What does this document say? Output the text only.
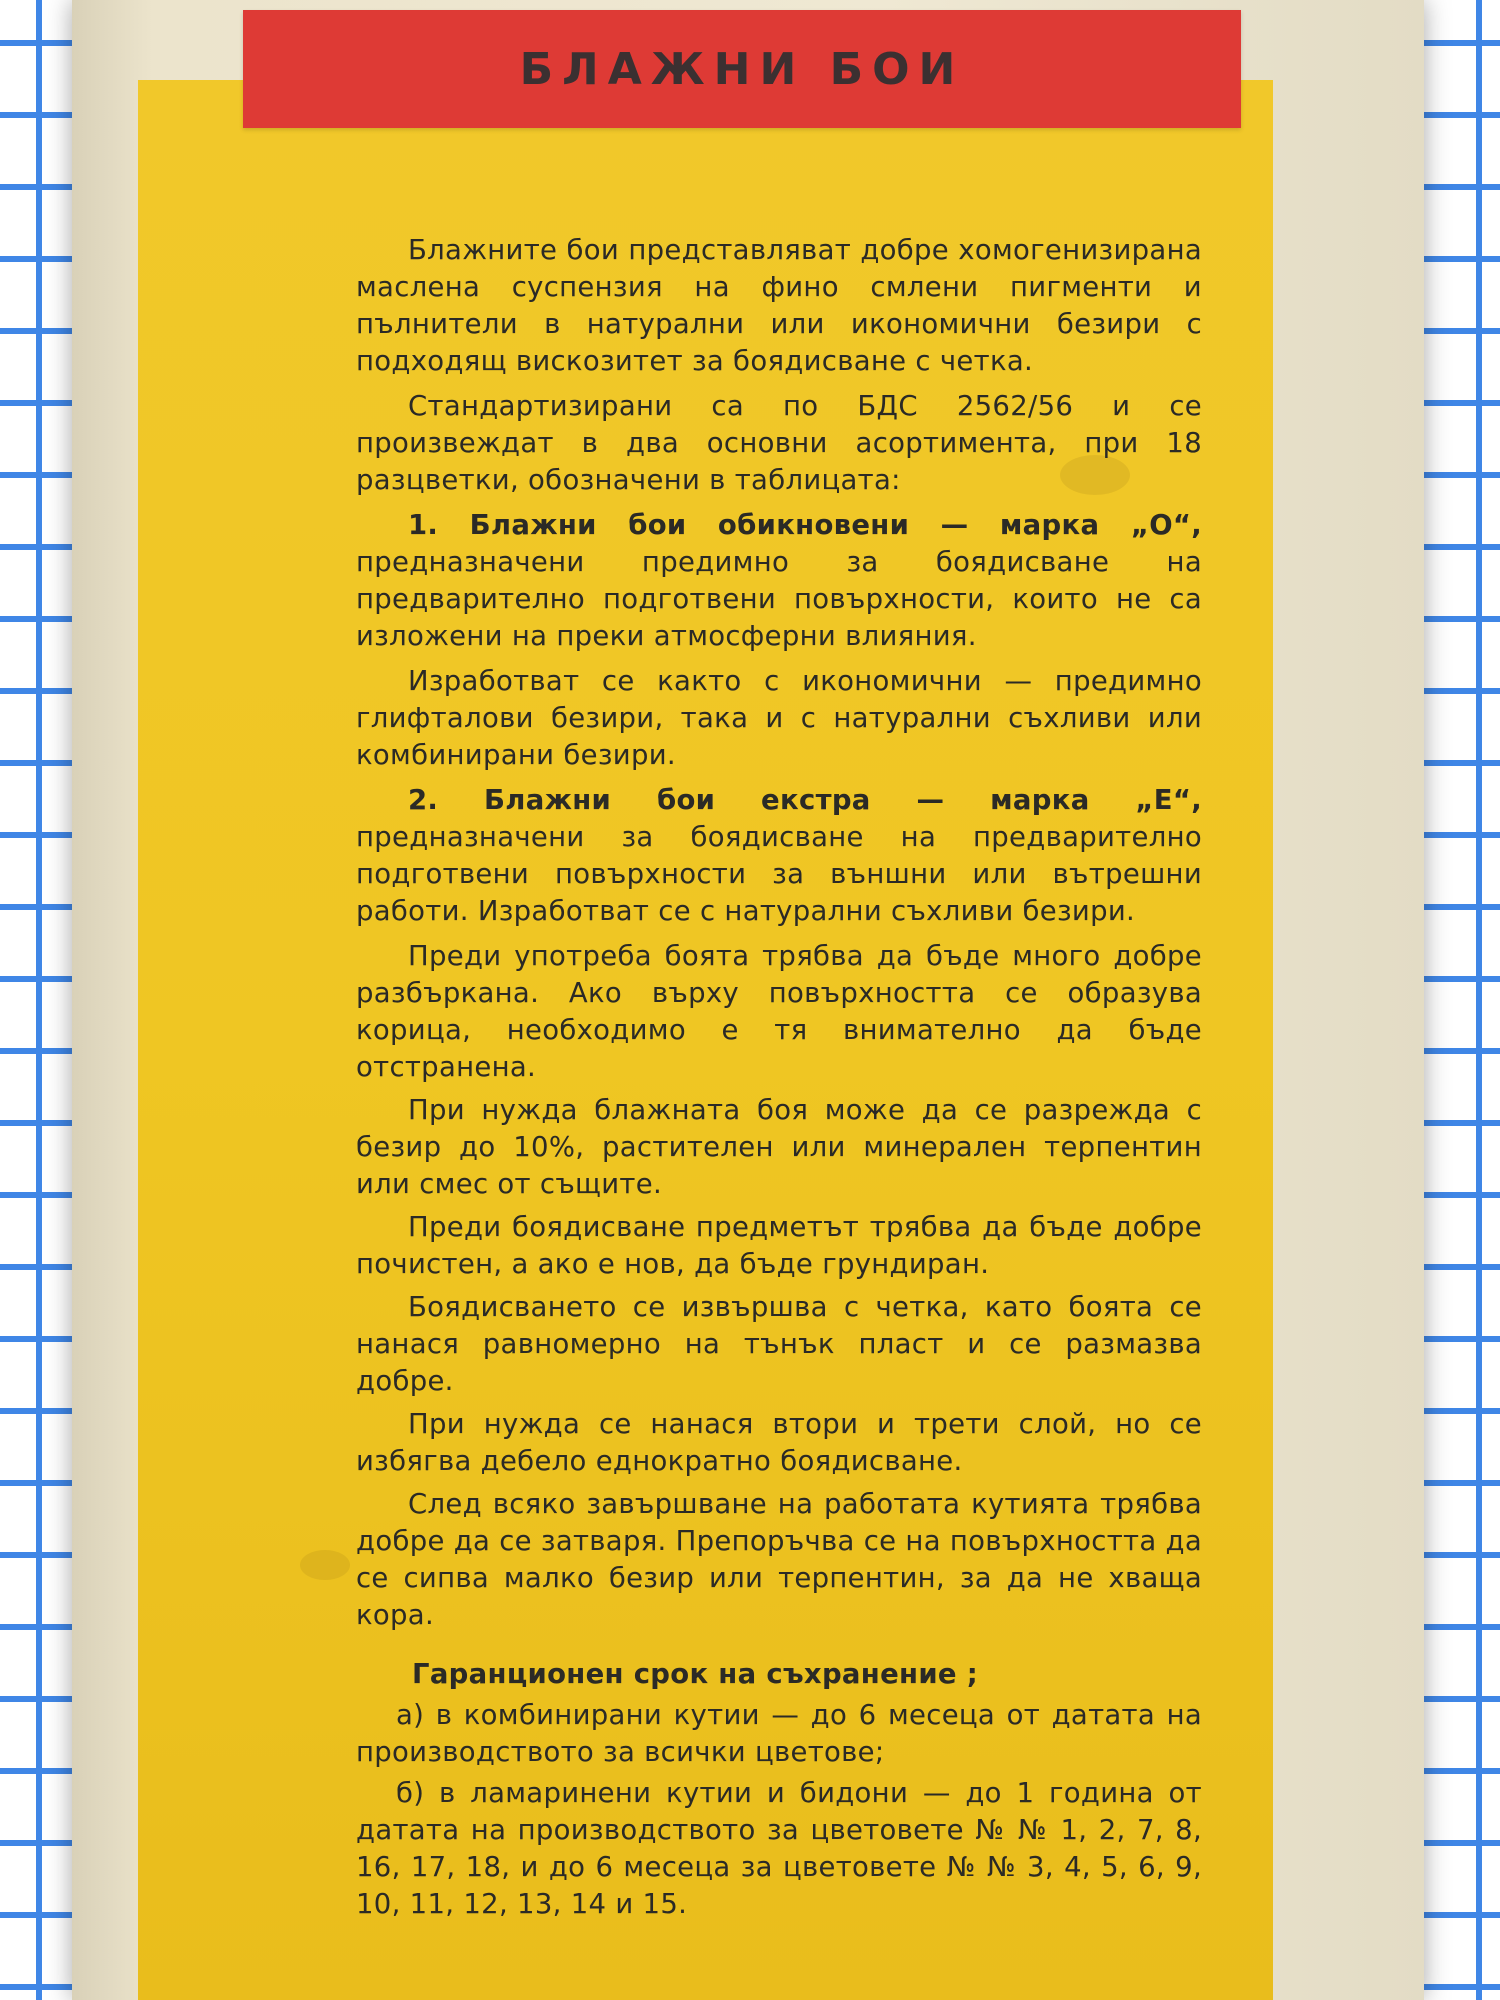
БЛАЖНИ БОИ

Блажните бои представляват добре хомогенизирана маслена суспензия на фино смлени пигменти и пълнители в натурални или икономични безири с подходящ вискозитет за боядисване с четка.

Стандартизирани са по БДС 2562/56 и се произвеждат в два основни асортимента, при 18 разцветки, обозначени в таблицата:

1. Блажни бои обикновени — марка „О“, предназначени предимно за боядисване на предварително подготвени повърхности, които не са изложени на преки атмосферни влияния.

Изработват се както с икономични — предимно глифталови безири, така и с натурални съхливи или комбинирани безири.

2. Блажни бои екстра — марка „Е“, предназначени за боядисване на предварително подготвени повърхности за външни или вътрешни работи. Изработват се с натурални съхливи безири.

Преди употреба боята трябва да бъде много добре разбъркана. Ако върху повърхността се образува корица, необходимо е тя внимателно да бъде отстранена.

При нужда блажната боя може да се разрежда с безир до 10%, растителен или минерален терпентин или смес от същите.

Преди боядисване предметът трябва да бъде добре почистен, а ако е нов, да бъде грундиран.

Боядисването се извършва с четка, като боята се нанася равномерно на тънък пласт и се размазва добре.

При нужда се нанася втори и трети слой, но се избягва дебело еднократно боядисване.

След всяко завършване на работата кутията трябва добре да се затваря. Препоръчва се на повърхността да се сипва малко безир или терпентин, за да не хваща кора.

Гаранционен срок на съхранение ;

а) в комбинирани кутии — до 6 месеца от датата на производството за всички цветове;

б) в ламаринени кутии и бидони — до 1 година от датата на производството за цветовете № № 1, 2, 7, 8, 16, 17, 18, и до 6 месеца за цветовете № № 3, 4, 5, 6, 9, 10, 11, 12, 13, 14 и 15.
